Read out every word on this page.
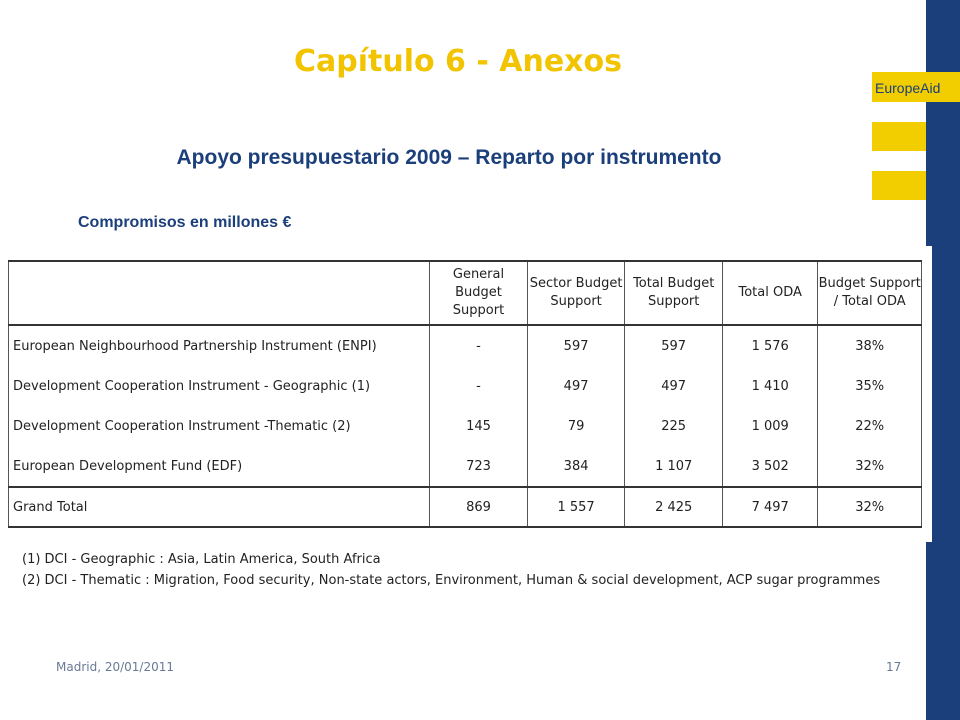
EuropeAid
Capítulo 6 - Anexos
Apoyo presupuestario 2009 – Reparto por instrumento
Compromisos en millones €
	General Budget Support	Sector Budget Support	Total Budget Support	Total ODA	Budget Support / Total ODA
European Neighbourhood Partnership Instrument (ENPI)	-	597	597	1 576	38%
Development Cooperation Instrument - Geographic (1)	-	497	497	1 410	35%
Development Cooperation Instrument -Thematic (2)	145	79	225	1 009	22%
European Development Fund (EDF)	723	384	1 107	3 502	32%
Grand Total	869	1 557	2 425	7 497	32%
(1) DCI - Geographic : Asia, Latin America, South Africa
(2) DCI - Thematic : Migration, Food security, Non-state actors, Environment, Human & social development, ACP sugar programmes
Madrid, 20/01/2011	17
